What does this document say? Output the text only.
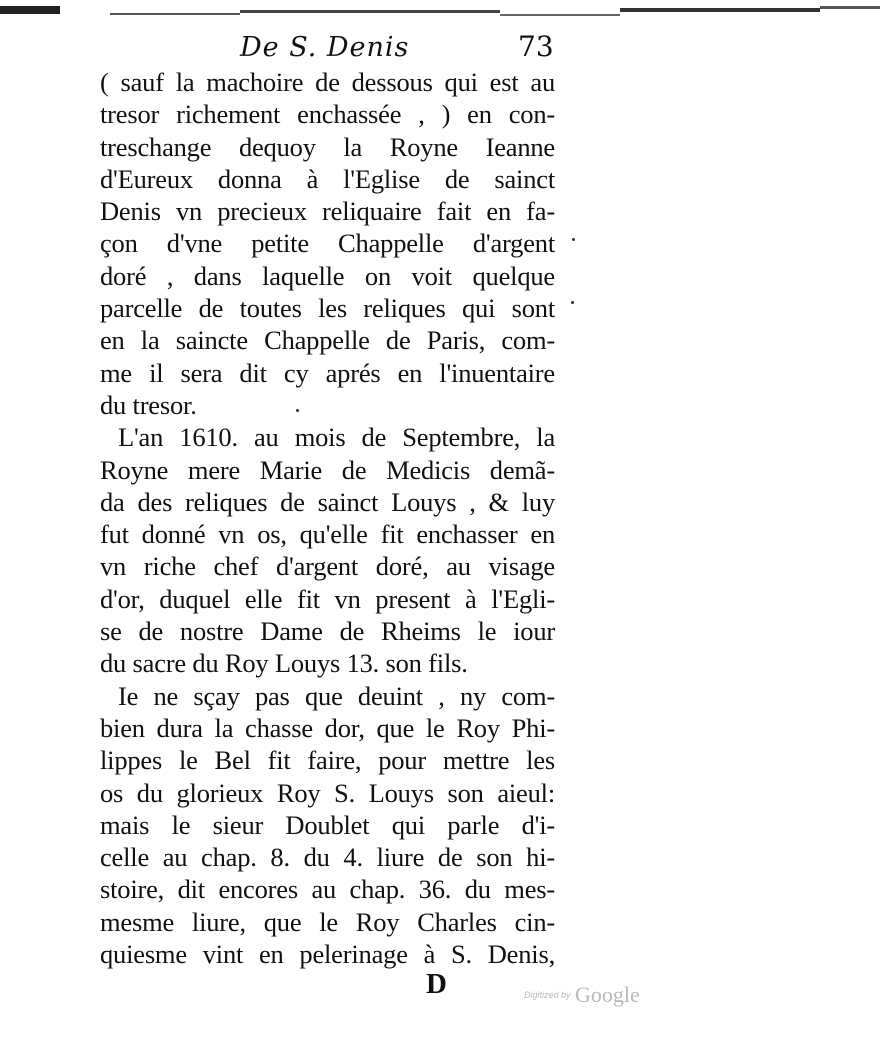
De S. Denis	73
( sauf la machoire de dessous qui est au
tresor richement enchassée , ) en con-
treschange dequoy la Royne Ieanne
d'Eureux donna à l'Eglise de sainct
Denis vn precieux reliquaire fait en fa-
çon d'vne petite Chappelle d'argent
doré , dans laquelle on voit quelque
parcelle de toutes les reliques qui sont
en la saincte Chappelle de Paris, com-
me il sera dit cy aprés en l'inuentaire
du tresor.
L'an 1610. au mois de Septembre, la
Royne mere Marie de Medicis demã-
da des reliques de sainct Louys , & luy
fut donné vn os, qu'elle fit enchasser en
vn riche chef d'argent doré, au visage
d'or, duquel elle fit vn present à l'Egli-
se de nostre Dame de Rheims le iour
du sacre du Roy Louys 13. son fils.
Ie ne sçay pas que deuint , ny com-
bien dura la chasse dor, que le Roy Phi-
lippes le Bel fit faire, pour mettre les
os du glorieux Roy S. Louys son aieul:
mais le sieur Doublet qui parle d'i-
celle au chap. 8. du 4. liure de son hi-
stoire, dit encores au chap. 36. du mes-
mesme liure, que le Roy Charles cin-
quiesme vint en pelerinage à S. Denis,
D	Digitized by Google
